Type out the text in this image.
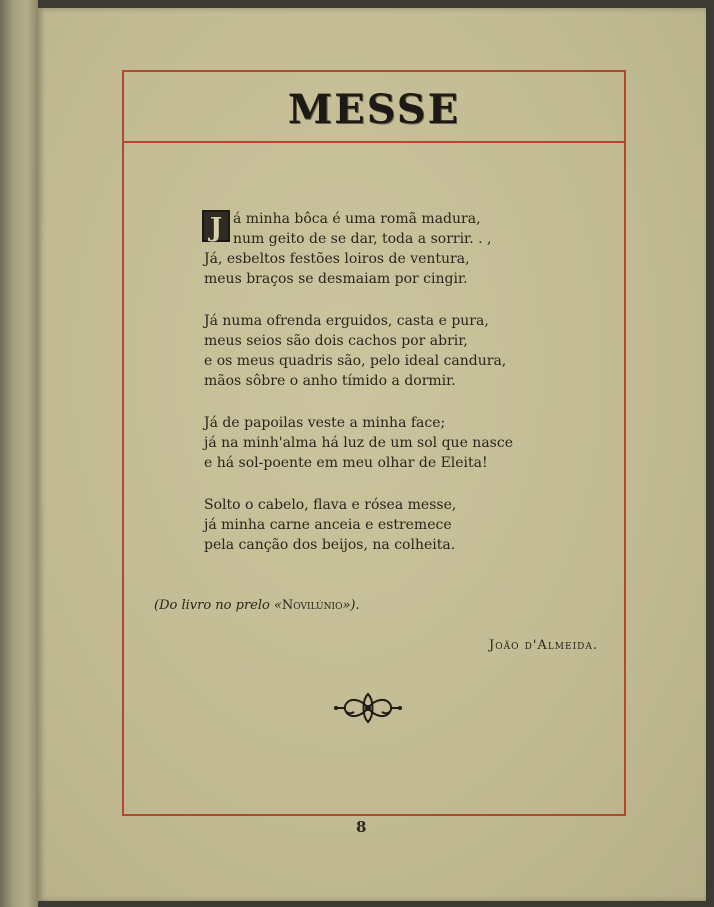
MESSE
J á minha bôca é uma romã madura,
num geito de se dar, toda a sorrir. . ,
Já, esbeltos festões loiros de ventura,
meus braços se desmaiam por cingir.
Já numa ofrenda erguidos, casta e pura,
meus seios são dois cachos por abrir,
e os meus quadris são, pelo ideal candura,
mãos sôbre o anho tímido a dormir.
Já de papoilas veste a minha face;
já na minh'alma há luz de um sol que nasce
e há sol-poente em meu olhar de Eleita!
Solto o cabelo, flava e rósea messe,
já minha carne anceia e estremece
pela canção dos beijos, na colheita.
(Do livro no prelo «Novilúnio»).
João d'Almeida.
8
